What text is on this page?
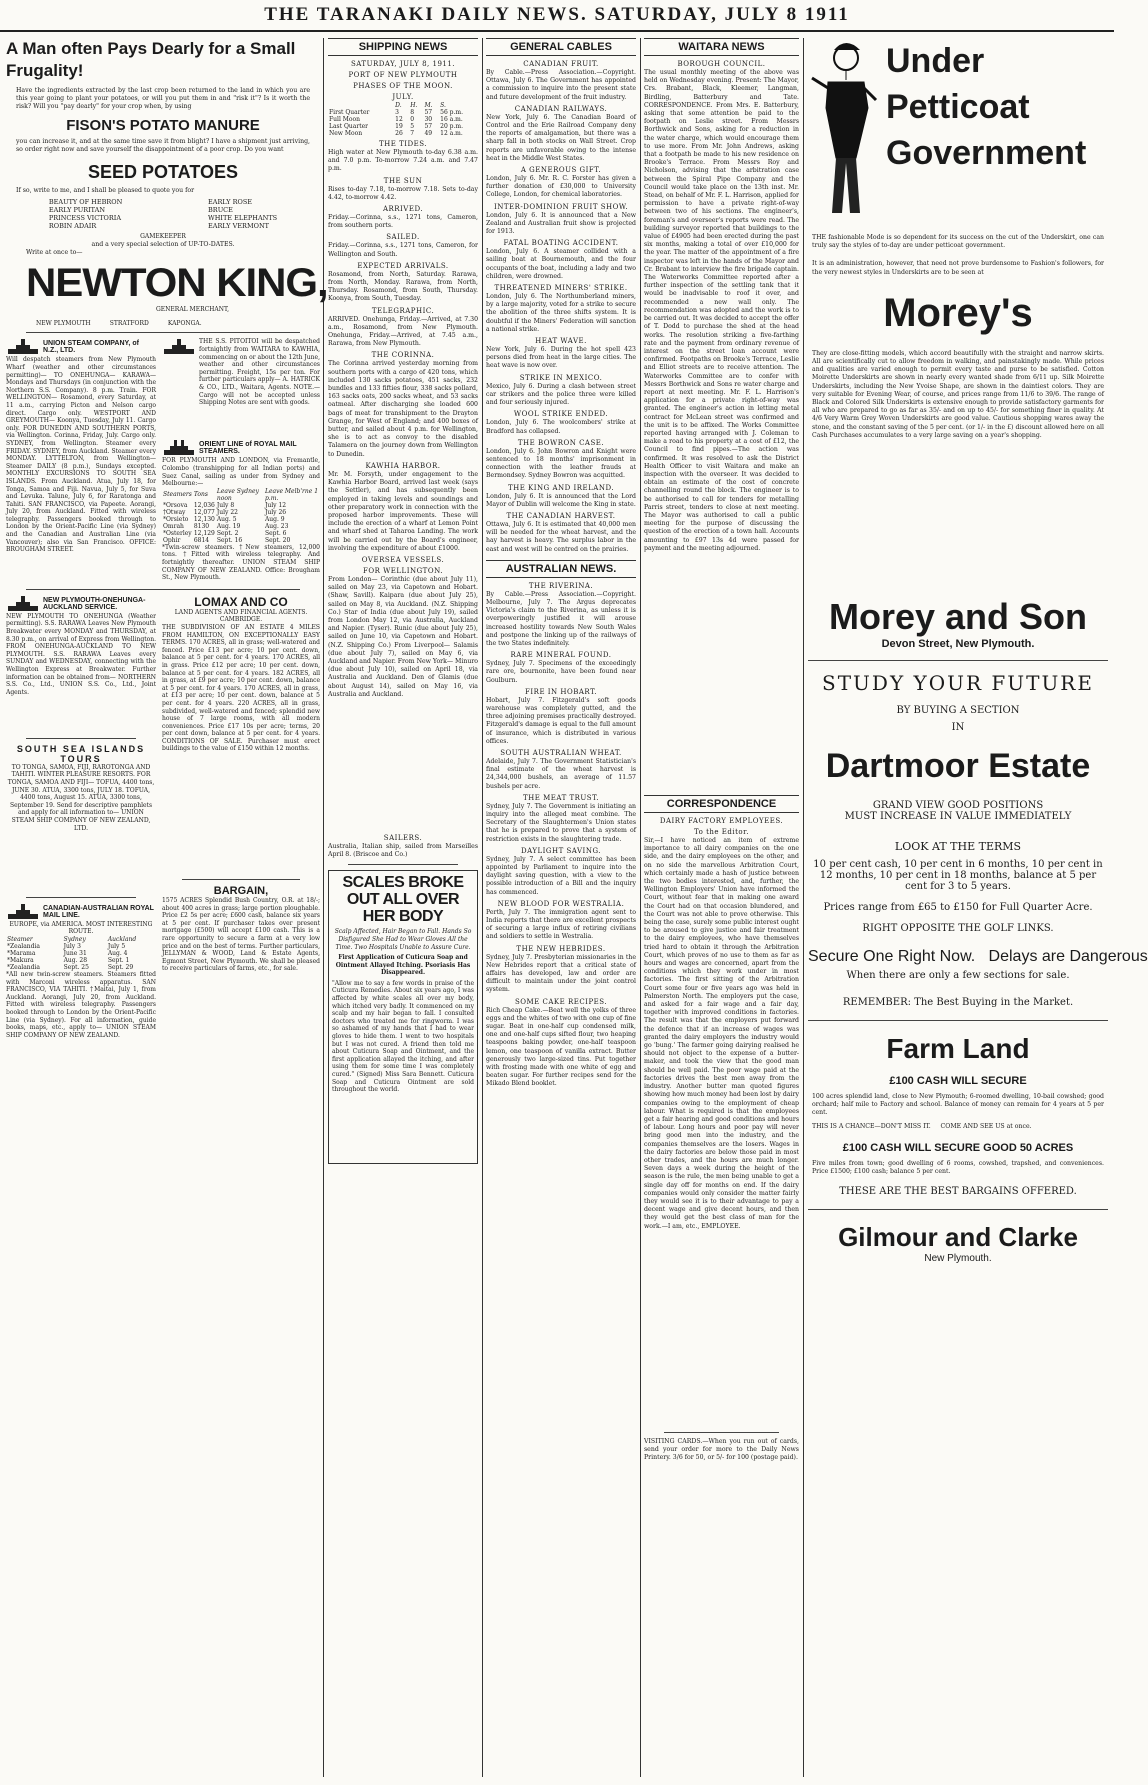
THE TARANAKI DAILY NEWS. SATURDAY, JULY 8 1911
A Man often Pays Dearly for a Small Frugality!
Have the ingredients extracted by the last crop been returned to the land in which you are this year going to plant your potatoes, or will you put them in and "risk it"? Is it worth the risk? Will you "pay dearly" for your crop when, by using
FISON'S POTATO MANURE
you can increase it, and at the same time save it from blight? I have a shipment just arriving, so order right now and save yourself the disappointment of a poor crop. Do you want
SEED POTATOES
If so, write to me, and I shall be pleased to quote you for
BEAUTY OF HEBRON
EARLY PURITAN
PRINCESS VICTORIA
ROBIN ADAIR
EARLY ROSE
BRUCE
WHITE ELEPHANTS
EARLY VERMONT
GAMEKEEPER
and a very special selection of UP-TO-DATES.
Write at once to—
NEWTON KING,
GENERAL MERCHANT,
NEW PLYMOUTH          STRATFORD          KAPONGA.
UNION STEAM COMPANY, of N.Z., LTD.
Will despatch steamers from New Plymouth Wharf (weather and other circumstances permitting)— TO ONEHUNGA— KARAWA—Mondays and Thursdays (in conjunction with the Northern S.S. Company). 8 p.m. Train. FOR WELLINGTON— Rosamond, every Saturday, at 11 a.m., carrying Picton and Nelson cargo direct. Cargo only. WESTPORT AND GREYMOUTH— Koonya, Tuesday, July 11. Cargo only. FOR DUNEDIN AND SOUTHERN PORTS, via Wellington. Corinna, Friday, July. Cargo only. SYDNEY, from Wellington. Steamer every FRIDAY. SYDNEY, from Auckland. Steamer every MONDAY. LYTTELTON, from Wellington— Steamer DAILY (8 p.m.), Sundays excepted. MONTHLY EXCURSIONS TO SOUTH SEA ISLANDS. From Auckland. Atua, July 18, for Tonga, Samoa and Fiji. Navua, July 5, for Suva and Levuka. Talune, July 6, for Raratonga and Tahiti. SAN FRANCISCO, via Papeete. Aorangi, July 20, from Auckland. Fitted with wireless telegraphy. Passengers booked through to London by the Orient-Pacific Line (via Sydney) and the Canadian and Australian Line (via Vancouver); also via San Francisco. OFFICE: BROUGHAM STREET.
THE S.S. PITOITOI will be despatched fortnightly from WAITARA to KAWHIA, commencing on or about the 12th June, weather and other circumstances permitting. Freight, 15s per ton. For further particulars apply— A. HATRICK & CO., LTD., Waitara, Agents. NOTE.—Cargo will not be accepted unless Shipping Notes are sent with goods.
ORIENT LINE of ROYAL MAIL STEAMERS.
FOR PLYMOUTH AND LONDON, via Fremantle, Colombo (transhipping for all Indian ports) and Suez Canal, sailing as under from Sydney and Melbourne:—
Steamers	Tons	Leave Sydney noon	Leave Melb'rne 1 p.m.
*Orsova	12,036	July 8	July 12
†Otway	12,077	July 22	July 26
*Orsieto	12,130	Aug. 5	Aug. 9
Omrah	8130	Aug. 19	Aug. 23
*Osterley	12,129	Sept. 2	Sept. 6
Ophir	6814	Sept. 16	Sept. 20
*Twin-screw steamers. †New steamers, 12,000 tons. †Fitted with wireless telegraphy. And fortnightly thereafter. UNION STEAM SHIP COMPANY OF NEW ZEALAND. Office: Brougham St., New Plymouth.
NEW PLYMOUTH-ONEHUNGA-AUCKLAND SERVICE.
NEW PLYMOUTH TO ONEHUNGA (Weather permitting). S.S. RARAWA Leaves New Plymouth Breakwater every MONDAY and THURSDAY, at 8.30 p.m., on arrival of Express from Wellington. FROM ONEHUNGA-AUCKLAND TO NEW PLYMOUTH. S.S. RARAWA Leaves every SUNDAY and WEDNESDAY, connecting with the Wellington Express at Breakwater. Further information can be obtained from— NORTHERN S.S. Co., Ltd., UNION S.S. Co., Ltd., Joint Agents.
SOUTH SEA ISLANDS TOURS
TO TONGA, SAMOA, FIJI, RAROTONGA AND TAHITI. WINTER PLEASURE RESORTS. FOR TONGA, SAMOA AND FIJI— TOFUA, 4400 tons, JUNE 30. ATUA, 3300 tons, JULY 18. TOFUA, 4400 tons, August 15. ATUA, 3300 tons, September 19. Send for descriptive pamphlets and apply for all information to— UNION STEAM SHIP COMPANY OF NEW ZEALAND, LTD.
CANADIAN-AUSTRALIAN ROYAL MAIL LINE.
EUROPE, via AMERICA. MOST INTERESTING ROUTE.
Steamer	Sydney	Auckland
*Zealandia	July 3	July 5
*Marama	June 31	Aug. 4
*Makura	Aug. 28	Sept. 1
*Zealandia	Sept. 25	Sept. 29
*All new twin-screw steamers. Steamers fitted with Marconi wireless apparatus. SAN FRANCISCO, VIA TAHITI. †Maitai, July 1, from Auckland. Aorangi, July 20, from Auckland. Fitted with wireless telegraphy. Passengers booked through to London by the Orient-Pacific Line (via Sydney). For all information, guide books, maps, etc., apply to— UNION STEAM SHIP COMPANY OF NEW ZEALAND.
LOMAX AND CO
LAND AGENTS AND FINANCIAL AGENTS. CAMBRIDGE.
THE SUBDIVISION OF AN ESTATE 4 MILES FROM HAMILTON, ON EXCEPTIONALLY EASY TERMS. 170 ACRES, all in grass; well-watered and fenced. Price £13 per acre; 10 per cent. down, balance at 5 per cent. for 4 years. 170 ACRES, all in grass. Price £12 per acre; 10 per cent. down, balance at 5 per cent. for 4 years. 182 ACRES, all in grass, at £9 per acre; 10 per cent. down, balance at 5 per cent. for 4 years. 170 ACRES, all in grass, at £13 per acre; 10 per cent. down, balance at 5 per cent. for 4 years. 220 ACRES, all in grass, subdivided, well-watered and fenced; splendid new house of 7 large rooms, with all modern conveniences. Price £17 10s per acre; terms, 20 per cent down, balance at 5 per cent. for 4 years. CONDITIONS OF SALE. Purchaser must erect buildings to the value of £150 within 12 months.
BARGAIN,
1575 ACRES Splendid Bush Country, O.R. at 18/-; about 400 acres in grass; large portion ploughable. Price £2 5s per acre; £600 cash, balance six years at 5 per cent. If purchaser takes over present mortgage (£500) will accept £100 cash. This is a rare opportunity to secure a farm at a very low price and on the best of terms. Further particulars, JELLYMAN & WOOD, Land & Estate Agents, Egmont Street, New Plymouth. We shall be pleased to receive particulars of farms, etc., for sale.
SHIPPING NEWS
SATURDAY, JULY 8, 1911.
PORT OF NEW PLYMOUTH
PHASES OF THE MOON.
JULY.
	D.	H.	M.	S.
First Quarter	3	8	57	56 p.m.
Full Moon	12	0	30	16 a.m.
Last Quarter	19	5	57	20 p.m.
New Moon	26	7	49	12 a.m.
THE TIDES.
High water at New Plymouth to-day 6.38 a.m. and 7.0 p.m. To-morrow 7.24 a.m. and 7.47 p.m.
THE SUN
Rises to-day 7.18, to-morrow 7.18. Sets to-day 4.42, to-morrow 4.42.
ARRIVED.
Friday.—Corinna, s.s., 1271 tons, Cameron, from southern ports.
SAILED.
Friday.—Corinna, s.s., 1271 tons, Cameron, for Wellington and South.
EXPECTED ARRIVALS.
Rosamond, from North, Saturday. Rarawa, from North, Monday. Rarawa, from North, Thursday. Rosamond, from South, Thursday. Koonya, from South, Tuesday.
TELEGRAPHIC.
ARRIVED. Onehunga, Friday.—Arrived, at 7.30 a.m., Rosamond, from New Plymouth. Onehunga, Friday.—Arrived, at 7.45 a.m., Rarawa, from New Plymouth.
THE CORINNA.
The Corinna arrived yesterday morning from southern ports with a cargo of 420 tons, which included 130 sacks potatoes, 451 sacks, 232 bundles and 133 fifties flour, 338 sacks pollard, 163 sacks oats, 200 sacks wheat, and 53 sacks oatmeal. After discharging she loaded 600 bags of meat for transhipment to the Drayton Grange, for West of England; and 400 boxes of butter, and sailed about 4 p.m. for Wellington, she is to act as convoy to the disabled Talamera on the journey down from Wellington to Dunedin.
KAWHIA HARBOR.
Mr. M. Forsyth, under engagement to the Kawhia Harbor Board, arrived last week (says the Settler), and has subsequently been employed in taking levels and soundings and other preparatory work in connection with the proposed harbor improvements. These will include the erection of a wharf at Lemon Point and wharf shed at Taharoa Landing. The work will be carried out by the Board's engineer, involving the expenditure of about £1000.
OVERSEA VESSELS.
FOR WELLINGTON.
From London— Corinthic (due about July 11), sailed on May 23, via Capetown and Hobart. (Shaw, Savill). Kaipara (due about July 25), sailed on May 8, via Auckland. (N.Z. Shipping Co.) Star of India (due about July 19), sailed from London May 12, via Australia, Auckland and Napier. (Tyser). Runic (due about July 25), sailed on June 10, via Capetown and Hobart. (N.Z. Shipping Co.) From Liverpool— Salamis (due about July 7), sailed on May 6, via Auckland and Napier. From New York— Minuro (due about July 10), sailed on April 18, via Australia and Auckland. Den of Glamis (due about August 14), sailed on May 16, via Australia and Auckland.
SAILERS.
Australia, Italian ship, sailed from Marseilles April 8. (Briscoe and Co.)
SCALES BROKE OUT ALL OVER HER BODY
Scalp Affected, Hair Began to Fall. Hands So Disfigured She Had to Wear Gloves All the Time. Two Hospitals Unable to Assure Cure.
First Application of Cuticura Soap and Ointment Allayed Itching. Psoriasis Has Disappeared.
"Allow me to say a few words in praise of the Cuticura Remedies. About six years ago, I was affected by white scales all over my body, which itched very badly. It commenced on my scalp and my hair began to fall. I consulted doctors who treated me for ringworm. I was so ashamed of my hands that I had to wear gloves to hide them. I went to two hospitals but I was not cured. A friend then told me about Cuticura Soap and Ointment, and the first application allayed the itching, and after using them for some time I was completely cured." (Signed) Miss Sara Bennett. Cuticura Soap and Cuticura Ointment are sold throughout the world.
GENERAL CABLES
CANADIAN FRUIT.
By Cable.—Press Association.—Copyright. Ottawa, July 6. The Government has appointed a commission to inquire into the present state and future development of the fruit industry.
CANADIAN RAILWAYS.
New York, July 6. The Canadian Board of Control and the Erie Railroad Company deny the reports of amalgamation, but there was a sharp fall in both stocks on Wall Street. Crop reports are unfavorable owing to the intense heat in the Middle West States.
A GENEROUS GIFT.
London, July 6. Mr. R. C. Forster has given a further donation of £30,000 to University College, London, for chemical laboratories.
INTER-DOMINION FRUIT SHOW.
London, July 6. It is announced that a New Zealand and Australian fruit show is projected for 1913.
FATAL BOATING ACCIDENT.
London, July 6. A steamer collided with a sailing boat at Bournemouth, and the four occupants of the boat, including a lady and two children, were drowned.
THREATENED MINERS' STRIKE.
London, July 6. The Northumberland miners, by a large majority, voted for a strike to secure the abolition of the three shifts system. It is doubtful if the Miners' Federation will sanction a national strike.
HEAT WAVE.
New York, July 6. During the hot spell 423 persons died from heat in the large cities. The heat wave is now over.
STRIKE IN MEXICO.
Mexico, July 6. During a clash between street car strikers and the police three were killed and four seriously injured.
WOOL STRIKE ENDED.
London, July 6. The woolcombers' strike at Bradford has collapsed.
THE BOWRON CASE.
London, July 6. John Bowron and Knight were sentenced to 18 months' imprisonment in connection with the leather frauds at Bermondsey. Sydney Bowron was acquitted.
THE KING AND IRELAND.
London, July 6. It is announced that the Lord Mayor of Dublin will welcome the King in state.
THE CANADIAN HARVEST.
Ottawa, July 6. It is estimated that 40,000 men will be needed for the wheat harvest, and the hay harvest is heavy. The surplus labor in the east and west will be centred on the prairies.
AUSTRALIAN NEWS.
THE RIVERINA.
By Cable.—Press Association.—Copyright. Melbourne, July 7. The Argus deprecates Victoria's claim to the Riverina, as unless it is overpoweringly justified it will arouse increased hostility towards New South Wales and postpone the linking up of the railways of the two States indefinitely.
RARE MINERAL FOUND.
Sydney, July 7. Specimens of the exceedingly rare ore, bournonite, have been found near Goulburn.
FIRE IN HOBART.
Hobart, July 7. Fitzgerald's soft goods warehouse was completely gutted, and the three adjoining premises practically destroyed. Fitzgerald's damage is equal to the full amount of insurance, which is distributed in various offices.
SOUTH AUSTRALIAN WHEAT.
Adelaide, July 7. The Government Statistician's final estimate of the wheat harvest is 24,344,000 bushels, an average of 11.57 bushels per acre.
THE MEAT TRUST.
Sydney, July 7. The Government is initiating an inquiry into the alleged meat combine. The Secretary of the Slaughtermen's Union states that he is prepared to prove that a system of restriction exists in the slaughtering trade.
DAYLIGHT SAVING.
Sydney, July 7. A select committee has been appointed by Parliament to inquire into the daylight saving question, with a view to the possible introduction of a Bill and the inquiry has commenced.
NEW BLOOD FOR WESTRALIA.
Perth, July 7. The immigration agent sent to India reports that there are excellent prospects of securing a large influx of retiring civilians and soldiers to settle in Westralia.
THE NEW HEBRIDES.
Sydney, July 7. Presbyterian missionaries in the New Hebrides report that a critical state of affairs has developed, law and order are difficult to maintain under the joint control system.
SOME CAKE RECIPES.
Rich Cheap Cake.—Beat well the yolks of three eggs and the whites of two with one cup of fine sugar. Beat in one-half cup condensed milk, one and one-half cups sifted flour, two heaping teaspoons baking powder, one-half teaspoon lemon, one teaspoon of vanilla extract. Butter generously two large-sized tins. Put together with frosting made with one white of egg and beaten sugar. For further recipes send for the Mikado Blend booklet.
WAITARA NEWS
BOROUGH COUNCIL.
The usual monthly meeting of the above was held on Wednesday evening. Present: The Mayor, Crs. Brabant, Black, Kleemer, Langman, Birdling, Batterbury and Tate. CORRESPONDENCE. From Mrs. E. Batterbury, asking that some attention be paid to the footpath on Leslie street. From Messrs Borthwick and Sons, asking for a reduction in the water charge, which would encourage them to use more. From Mr. John Andrews, asking that a footpath be made to his new residence on Brooke's Terrace. From Messrs Roy and Nicholson, advising that the arbitration case between the Spiral Pipe Company and the Council would take place on the 13th inst. Mr. Stead, on behalf of Mr. F. L. Harrison, applied for permission to have a private right-of-way between two of his sections. The engineer's, foreman's and overseer's reports were read. The building surveyor reported that buildings to the value of £4905 had been erected during the past six months, making a total of over £10,000 for the year. The matter of the appointment of a fire inspector was left in the hands of the Mayor and Cr. Brabant to interview the fire brigade captain. The Waterworks Committee reported after a further inspection of the settling tank that it would be inadvisable to roof it over, and recommended a new wall only. The recommendation was adopted and the work is to be carried out. It was decided to accept the offer of T. Dodd to purchase the shed at the head works. The resolution striking a five-farthing rate and the payment from ordinary revenue of interest on the street loan account were confirmed. Footpaths on Brooke's Terrace, Leslie and Elliot streets are to receive attention. The Waterworks Committee are to confer with Messrs Borthwick and Sons re water charge and report at next meeting. Mr. F. L. Harrison's application for a private right-of-way was granted. The engineer's action in letting metal contract for McLean street was confirmed and the unit is to be affixed. The Works Committee reported having arranged with J. Coleman to make a road to his property at a cost of £12, the Council to find pipes.—The action was confirmed. It was resolved to ask the District Health Officer to visit Waitara and make an inspection with the overseer. It was decided to obtain an estimate of the cost of concrete channelling round the block. The engineer is to be authorised to call for tenders for metalling Parris street, tenders to close at next meeting. The Mayor was authorised to call a public meeting for the purpose of discussing the question of the erection of a town hall. Accounts amounting to £97 13s 4d were passed for payment and the meeting adjourned.
CORRESPONDENCE
DAIRY FACTORY EMPLOYEES.
To the Editor.
Sir,—I have noticed an item of extreme importance to all dairy companies on the one side, and the dairy employees on the other, and on no side the marvellous Arbitration Court, which certainly made a hash of justice between the two bodies interested, and, further, the Wellington Employers' Union have informed the Court, without fear that in making one award the Court had on that occasion blundered, and the Court was not able to prove otherwise. This being the case, surely some public interest ought to be aroused to give justice and fair treatment to the dairy employees, who have themselves tried hard to obtain it through the Arbitration Court, which proves of no use to them as far as hours and wages are concerned, apart from the conditions which they work under in most factories. The first sitting of the Arbitration Court some four or five years ago was held in Palmerston North. The employers put the case, and asked for a fair wage and a fair day, together with improved conditions in factories. The result was that the employers put forward the defence that if an increase of wages was granted the dairy employers the industry would go 'bung.' The farmer going dairying realised he should not object to the expense of a butter-maker, and took the view that the good man should be well paid. The poor wage paid at the factories drives the best men away from the industry. Another butter man quoted figures showing how much money had been lost by dairy companies owing to the employment of cheap labour. What is required is that the employees get a fair hearing and good conditions and hours of labour. Long hours and poor pay will never bring good men into the industry, and the companies themselves are the losers. Wages in the dairy factories are below those paid in most other trades, and the hours are much longer. Seven days a week during the height of the season is the rule, the men being unable to get a single day off for months on end. If the dairy companies would only consider the matter fairly they would see it is to their advantage to pay a decent wage and give decent hours, and then they would get the best class of man for the work.—I am, etc., EMPLOYEE.
VISITING CARDS.—When you run out of cards, send your order for more to the Daily News Printery. 3/6 for 50, or 5/- for 100 (postage paid).
Under
Petticoat
Government
THE fashionable Mode is so dependent for its success on the cut of the Underskirt, one can truly say the styles of to-day are under petticoat government.
It is an administration, however, that need not prove burdensome to Fashion's followers, for the very newest styles in Underskirts are to be seen at
Morey's
They are close-fitting models, which accord beautifully with the straight and narrow skirts. All are scientifically cut to allow freedom in walking, and painstakingly made. While prices and qualities are varied enough to permit every taste and purse to be satisfied. Cotton Moirette Underskirts are shown in nearly every wanted shade from 6/11 up. Silk Moirette Underskirts, including the New Yvoise Shape, are shown in the daintiest colors. They are very suitable for Evening Wear, of course, and prices range from 11/6 to 39/6. The range of Black and Colored Silk Underskirts is extensive enough to provide satisfactory garments for all who are prepared to go as far as 35/- and on up to 45/- for something finer in quality. At 4/6 Very Warm Grey Woven Underskirts are good value. Cautious shopping wares away the stone, and the constant saving of the 5 per cent. (or 1/- in the £) discount allowed here on all Cash Purchases accumulates to a very large saving on a year's shopping.
Morey and Son
Devon Street, New Plymouth.
STUDY YOUR FUTURE
BY BUYING A SECTION
IN
Dartmoor Estate
GRAND VIEW GOOD POSITIONS
MUST INCREASE IN VALUE IMMEDIATELY
LOOK AT THE TERMS
10 per cent cash, 10 per cent in 6 months, 10 per cent in 12 months, 10 per cent in 18 months, balance at 5 per cent for 3 to 5 years.
Prices range from £65 to £150 for Full Quarter Acre.
RIGHT OPPOSITE THE GOLF LINKS.
Secure One Right Now.   Delays are Dangerous
When there are only a few sections for sale.
REMEMBER: The Best Buying in the Market.
Farm Land
£100 CASH WILL SECURE
100 acres splendid land, close to New Plymouth; 6-roomed dwelling, 10-bail cowshed; good orchard; half mile to Factory and school. Balance of money can remain for 4 years at 5 per cent.
THIS IS A CHANCE—DON'T MISS IT.     COME AND SEE US at once.
£100 CASH WILL SECURE GOOD 50 ACRES
Five miles from town; good dwelling of 6 rooms, cowshed, trapshed, and conveniences. Price £1500; £100 cash; balance 5 per cent.
THESE ARE THE BEST BARGAINS OFFERED.
Gilmour and Clarke
New Plymouth.
